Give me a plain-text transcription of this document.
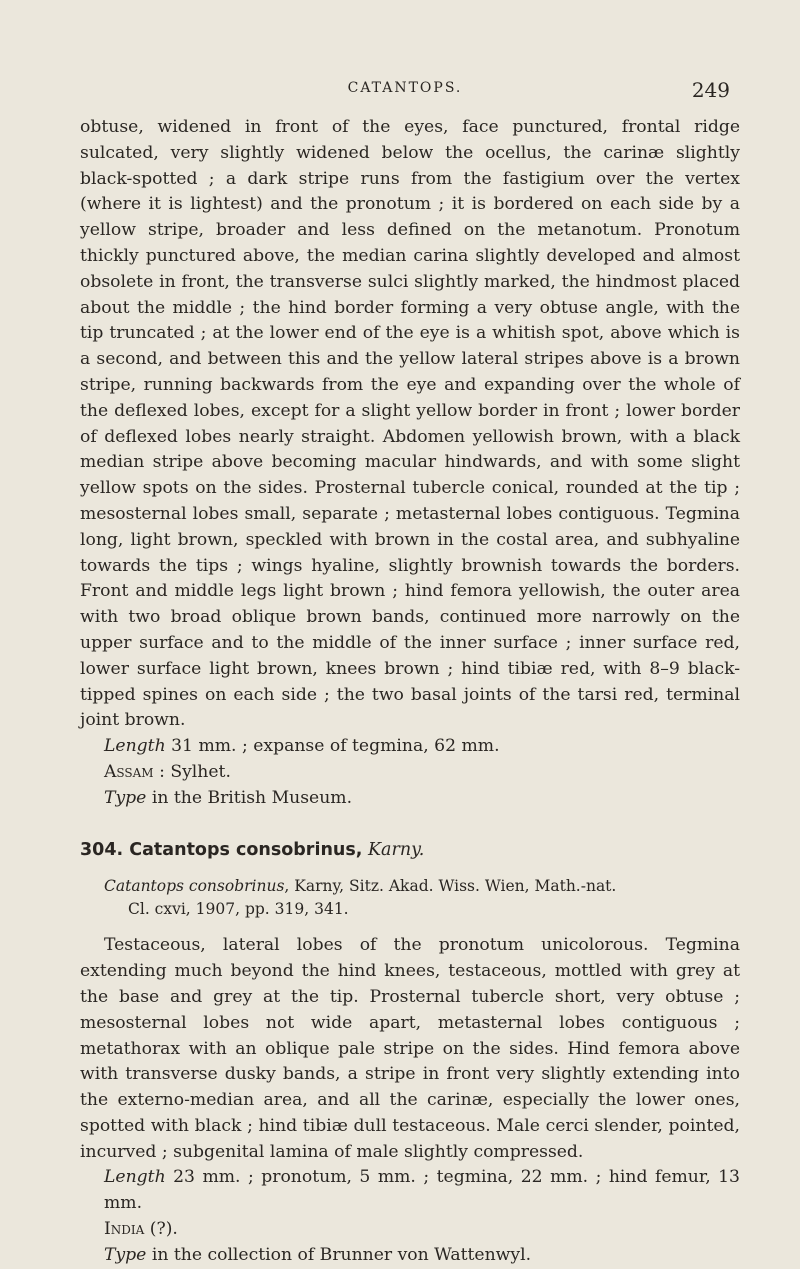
CATANTOPS.	249

obtuse, widened in front of the eyes, face punctured, frontal ridge sulcated, very slightly widened below the ocellus, the carinæ slightly black-spotted ; a dark stripe runs from the fastigium over the vertex (where it is lightest) and the pronotum ; it is bordered on each side by a yellow stripe, broader and less defined on the metanotum. Pronotum thickly punctured above, the median carina slightly developed and almost obsolete in front, the transverse sulci slightly marked, the hindmost placed about the middle ; the hind border forming a very obtuse angle, with the tip truncated ; at the lower end of the eye is a whitish spot, above which is a second, and between this and the yellow lateral stripes above is a brown stripe, running backwards from the eye and expanding over the whole of the deflexed lobes, except for a slight yellow border in front ; lower border of deflexed lobes nearly straight. Abdomen yellowish brown, with a black median stripe above becoming macular hindwards, and with some slight yellow spots on the sides. Prosternal tubercle conical, rounded at the tip ; mesosternal lobes small, separate ; metasternal lobes contiguous. Tegmina long, light brown, speckled with brown in the costal area, and subhyaline towards the tips ; wings hyaline, slightly brownish towards the borders. Front and middle legs light brown ; hind femora yellowish, the outer area with two broad oblique brown bands, continued more narrowly on the upper surface and to the middle of the inner surface ; inner surface red, lower surface light brown, knees brown ; hind tibiæ red, with 8–9 black-tipped spines on each side ; the two basal joints of the tarsi red, terminal joint brown.

Length 31 mm. ; expanse of tegmina, 62 mm.

Assam : Sylhet.

Type in the British Museum.

304. Catantops consobrinus, Karny.

Catantops consobrinus, Karny, Sitz. Akad. Wiss. Wien, Math.-nat.
Cl. cxvi, 1907, pp. 319, 341.

Testaceous, lateral lobes of the pronotum unicolorous. Tegmina extending much beyond the hind knees, testaceous, mottled with grey at the base and grey at the tip. Prosternal tubercle short, very obtuse ; mesosternal lobes not wide apart, metasternal lobes contiguous ; metathorax with an oblique pale stripe on the sides. Hind femora above with transverse dusky bands, a stripe in front very slightly extending into the externo-median area, and all the carinæ, especially the lower ones, spotted with black ; hind tibiæ dull testaceous. Male cerci slender, pointed, incurved ; subgenital lamina of male slightly compressed.

Length 23 mm. ; pronotum, 5 mm. ; tegmina, 22 mm. ; hind femur, 13 mm.

India (?).

Type in the collection of Brunner von Wattenwyl.
